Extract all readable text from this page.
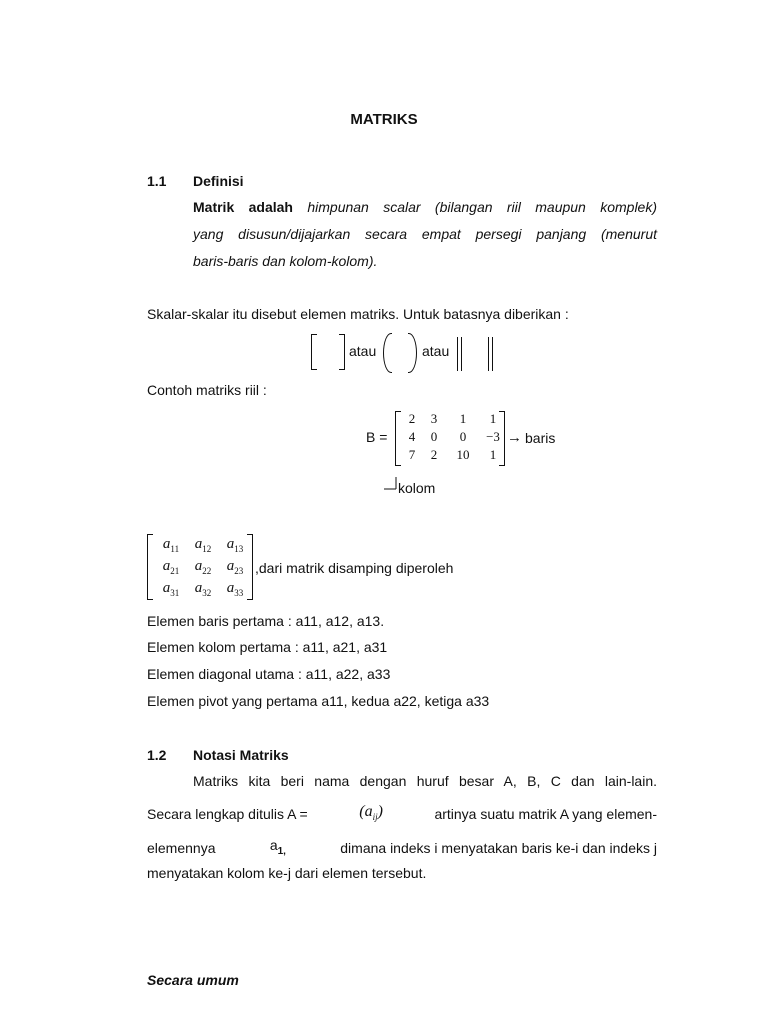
MATRIKS
1.1 Definisi
Matrik adalah himpunan scalar (bilangan riil maupun komplek)
yang disusun/dijajarkan secara empat persegi panjang (menurut
baris-baris dan kolom-kolom).
Skalar-skalar itu disebut elemen matriks. Untuk batasnya diberikan :
atau	atau
Contoh matriks riil :
B =
2	3	1	1
4	0	0	−3
7	2	10	1
→ baris
kolom
$a_{11}$	$a_{12}$	$a_{13}$
$a_{21}$	$a_{22}$	$a_{23}$
$a_{31}$	$a_{32}$	$a_{33}$
,dari matrik disamping diperoleh
Elemen baris pertama : a11, a12, a13.
Elemen kolom pertama : a11, a21, a31
Elemen diagonal utama : a11, a22, a33
Elemen pivot yang pertama a11, kedua a22, ketiga a33
1.2 Notasi Matriks
Matriks kita beri nama dengan huruf besar A, B, C dan lain-lain.
Secara lengkap ditulis A =	$(a_{ij})$	artinya suatu matrik A yang elemen-
elemennya	$a_{1,}$	dimana indeks i menyatakan baris ke-i dan indeks j
menyatakan kolom ke-j dari elemen tersebut.
Secara umum
